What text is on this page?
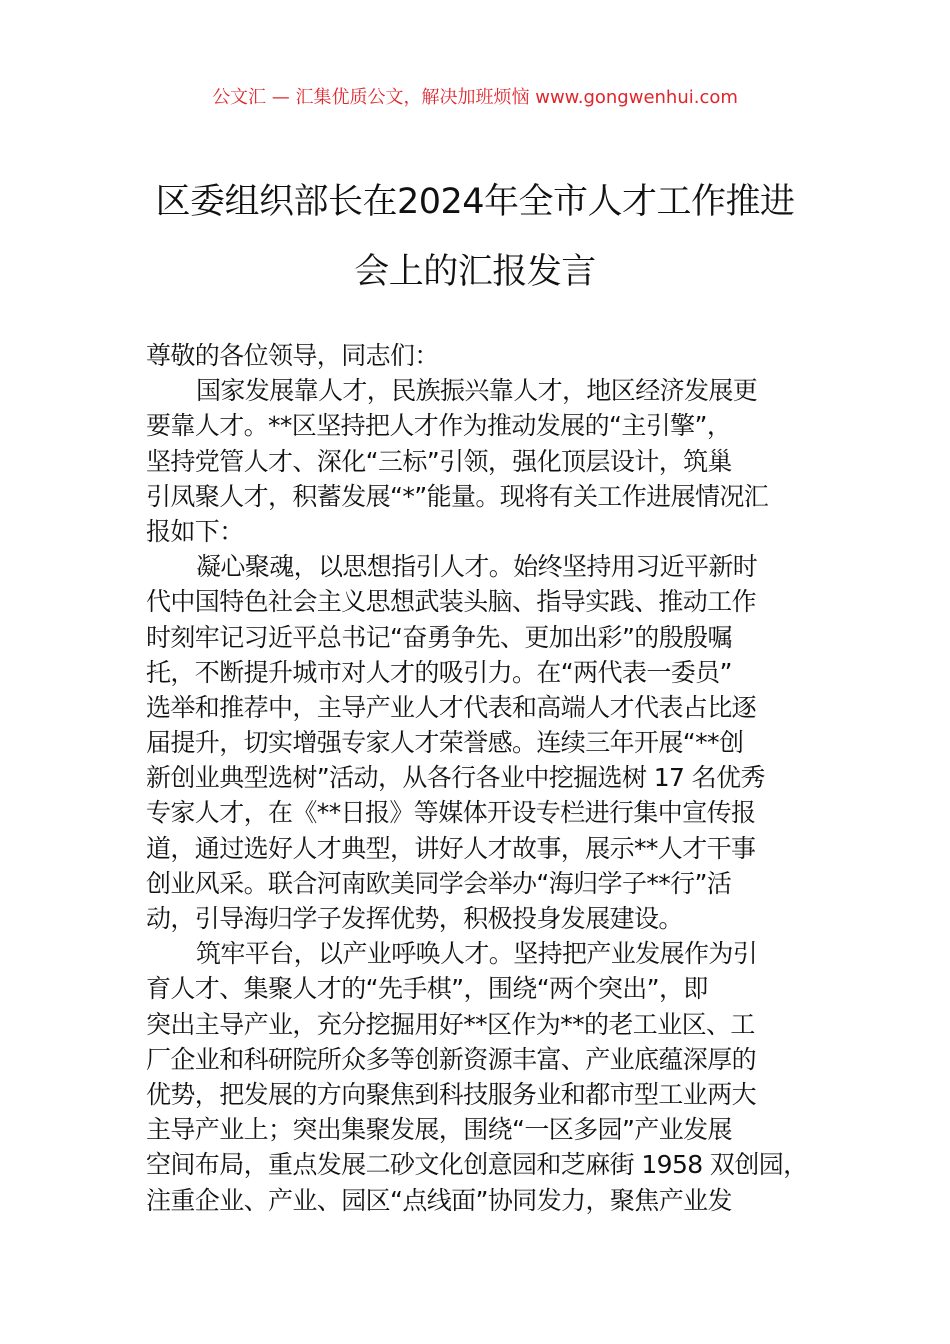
公文汇 — 汇集优质公文，解决加班烦恼 www.gongwenhui.com
区委组织部长在2024年全市人才工作推进
会上的汇报发言
尊敬的各位领导，同志们：
国家发展靠人才，民族振兴靠人才，地区经济发展更
要靠人才。**区坚持把人才作为推动发展的“主引擎”，
坚持党管人才、深化“三标”引领，强化顶层设计，筑巢
引凤聚人才，积蓄发展“*”能量。现将有关工作进展情况汇
报如下：
凝心聚魂，以思想指引人才。始终坚持用习近平新时
代中国特色社会主义思想武装头脑、指导实践、推动工作
时刻牢记习近平总书记“奋勇争先、更加出彩”的殷殷嘱
托，不断提升城市对人才的吸引力。在“两代表一委员”
选举和推荐中，主导产业人才代表和高端人才代表占比逐
届提升，切实增强专家人才荣誉感。连续三年开展“**创
新创业典型选树”活动，从各行各业中挖掘选树 17 名优秀
专家人才，在《**日报》等媒体开设专栏进行集中宣传报
道，通过选好人才典型，讲好人才故事，展示**人才干事
创业风采。联合河南欧美同学会举办“海归学子**行”活
动，引导海归学子发挥优势，积极投身发展建设。
筑牢平台，以产业呼唤人才。坚持把产业发展作为引
育人才、集聚人才的“先手棋”，围绕“两个突出”，即
突出主导产业，充分挖掘用好**区作为**的老工业区、工
厂企业和科研院所众多等创新资源丰富、产业底蕴深厚的
优势，把发展的方向聚焦到科技服务业和都市型工业两大
主导产业上；突出集聚发展，围绕“一区多园”产业发展
空间布局，重点发展二砂文化创意园和芝麻街 1958 双创园，
注重企业、产业、园区“点线面”协同发力，聚焦产业发
